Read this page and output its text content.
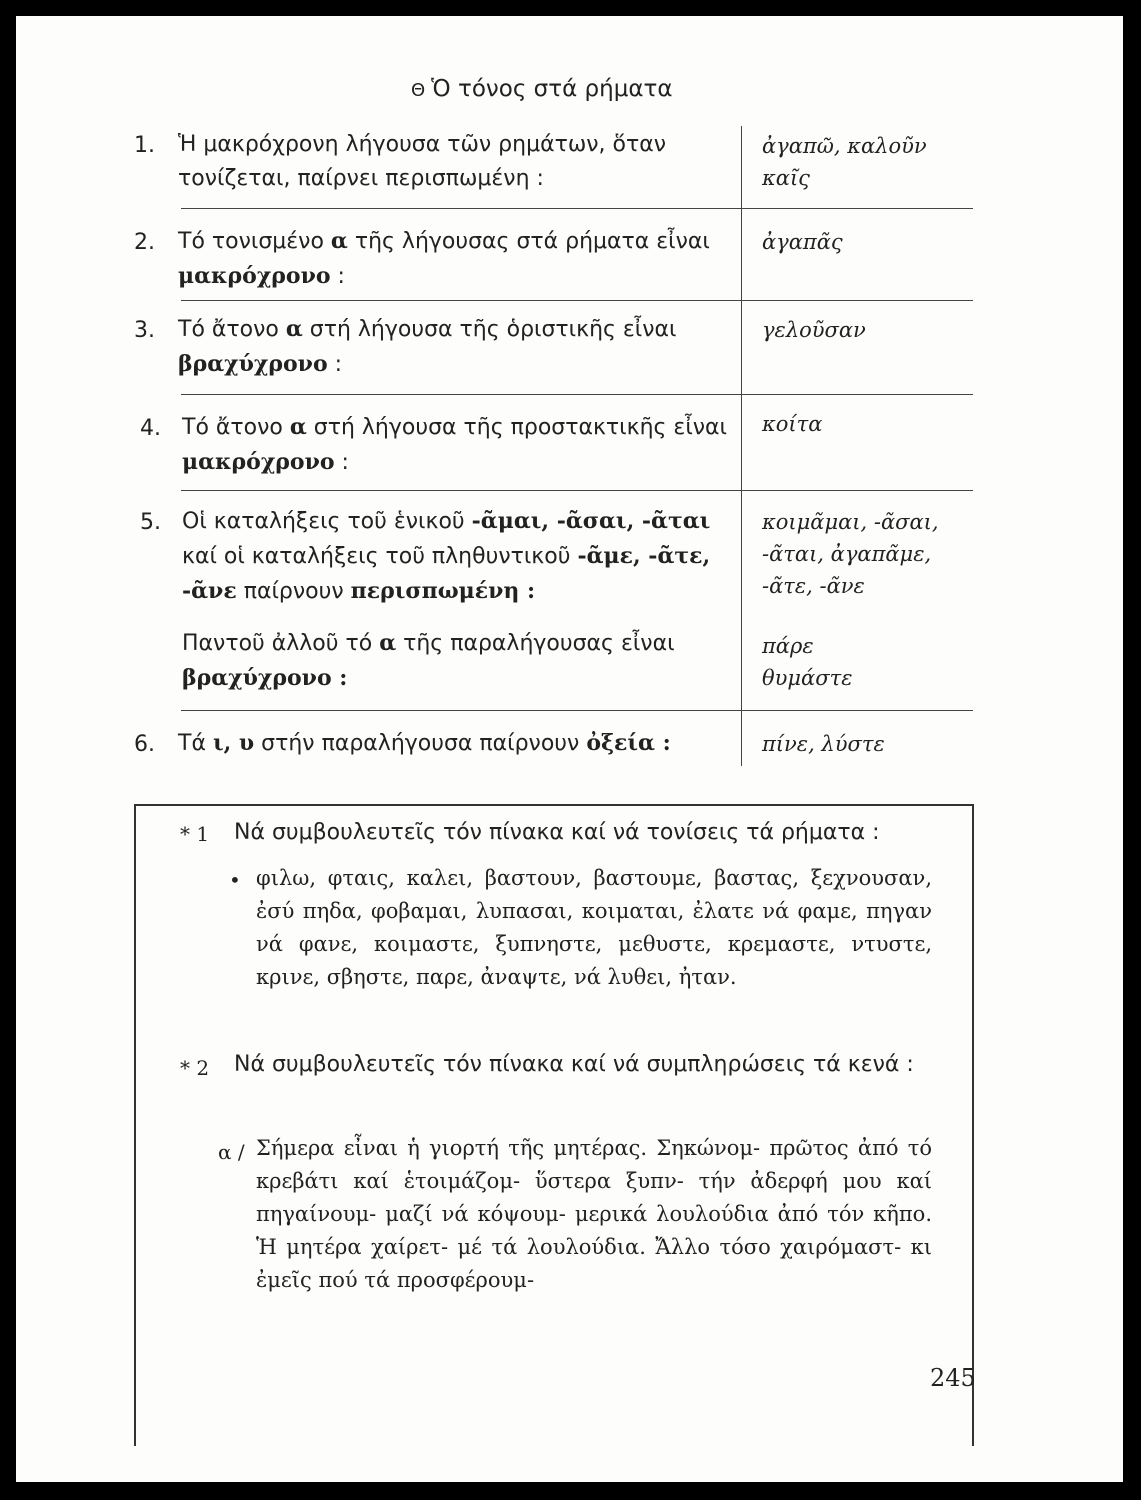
Θ Ὁ τόνος στά ρήματα
1. Ἡ μακρόχρονη λήγουσα τῶν ρημάτων, ὅταν τονίζεται, παίρνει περισπωμένη :
ἀγαπῶ, καλοῦν καῖς
2. Τό τονισμένο α τῆς λήγουσας στά ρήματα εἶναι μακρόχρονο :
ἀγαπᾶς
3. Τό ἄτονο α στή λήγουσα τῆς ὁριστικῆς εἶναι βραχύχρονο :
γελοῦσαν
4. Τό ἄτονο α στή λήγουσα τῆς προστακτικῆς εἶναι μακρόχρονο :
κοίτα
5. Οἱ καταλήξεις τοῦ ἑνικοῦ -ᾶμαι, -ᾶσαι, -ᾶται καί οἱ καταλήξεις τοῦ πληθυντικοῦ -ᾶμε, -ᾶτε, -ᾶνε παίρνουν περισπωμένη :
κοιμᾶμαι, -ᾶσαι, -ᾶται, ἀγαπᾶμε, -ᾶτε, -ᾶνε
Παντοῦ ἀλλοῦ τό α τῆς παραλήγουσας εἶναι βραχύχρονο :
πάρε θυμάστε
6. Τά ι, υ στήν παραλήγουσα παίρνουν ὀξεία :	πίνε, λύστε
* 1 Νά συμβουλευτεῖς τόν πίνακα καί νά τονίσεις τά ρήματα :
• φιλω, φταις, καλει, βαστουν, βαστουμε, βαστας, ξεχνουσαν, ἐσύ πηδα, φοβαμαι, λυπασαι, κοιμαται, ἐλατε νά φαμε, πηγαν νά φανε, κοιμαστε, ξυπνηστε, μεθυστε, κρεμαστε, ντυστε, κρινε, σβηστε, παρε, ἀναψτε, νά λυθει, ἠταν.
* 2 Νά συμβουλευτεῖς τόν πίνακα καί νά συμπληρώσεις τά κενά :
α / Σήμερα εἶναι ἡ γιορτή τῆς μητέρας. Σηκώνομ- πρῶτος ἀπό τό κρεβάτι καί ἑτοιμάζομ- ὕστερα ξυπν- τήν ἀδερφή μου καί πηγαίνουμ- μαζί νά κόψουμ- μερικά λουλούδια ἀπό τόν κῆπο. Ἡ μητέρα χαίρετ- μέ τά λουλούδια. Ἄλλο τόσο χαιρόμαστ- κι ἐμεῖς πού τά προσφέρουμ-
245
